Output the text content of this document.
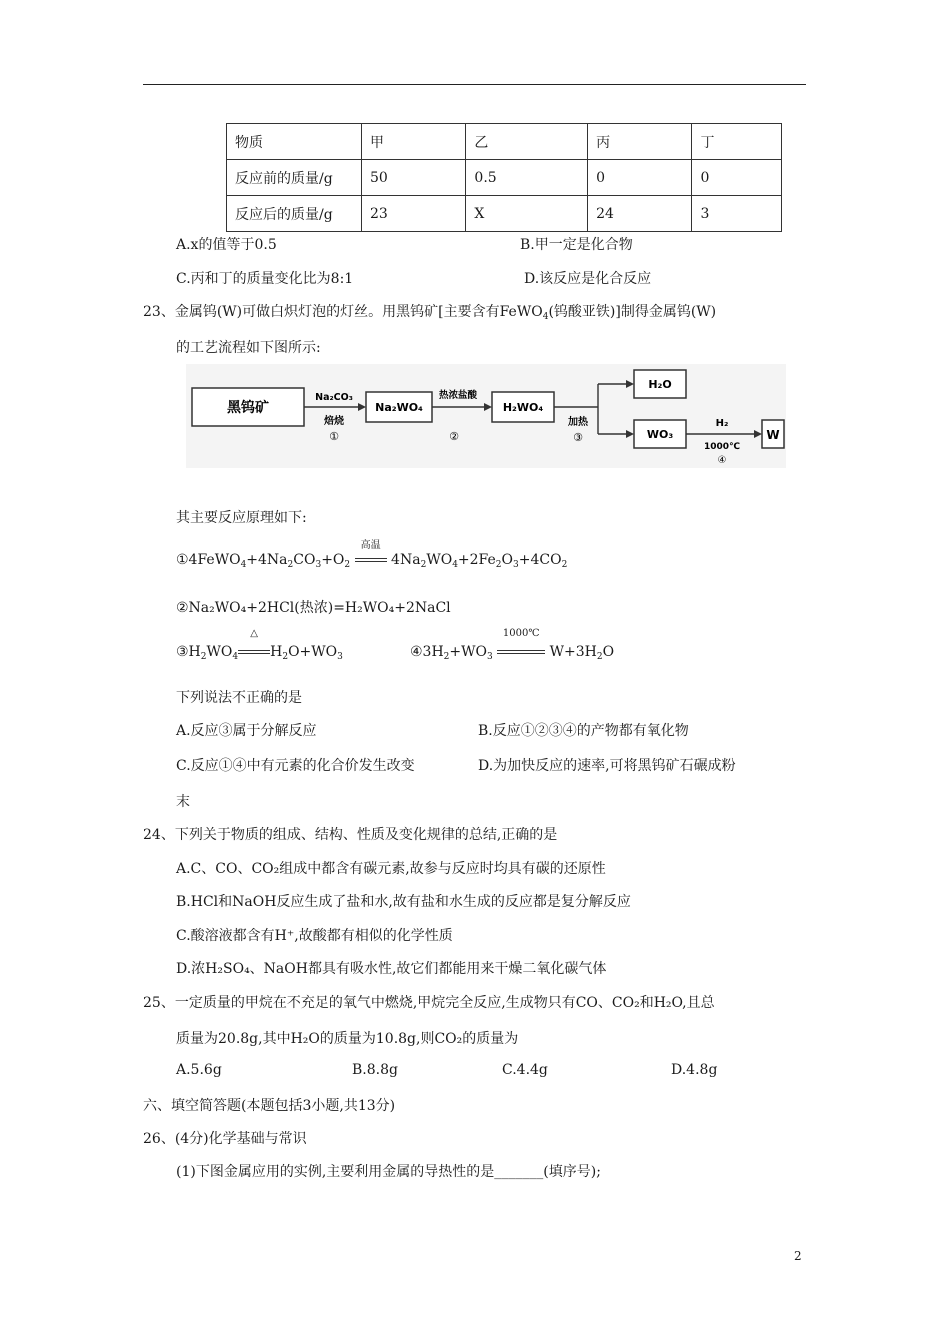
物质	甲	乙	丙	丁
反应前的质量/g	50	0.5	0	0
反应后的质量/g	23	X	24	3
A.x的值等于0.5	B.甲一定是化合物
C.丙和丁的质量变化比为8:1	D.该反应是化合反应
23、金属钨(W)可做白炽灯泡的灯丝。用黑钨矿[主要含有FeWO$_4$(钨酸亚铁)]制得金属钨(W)
的工艺流程如下图所示:
黑钨矿
Na₂CO₃
焙烧
①
Na₂WO₄
热浓盐酸
②
H₂WO₄
加热
③
H₂O
WO₃
H₂
1000℃
④
W
其主要反应原理如下:
$①4FeWO_4+4Na_2CO_3+O_2$
高温
$4Na_2WO_4+2Fe_2O_3+4CO_2$
②Na₂WO₄+2HCl(热浓)=H₂WO₄+2NaCl
$③H_2WO_4$
△
$H_2O+WO_3$	$④3H_2+WO_3$
1000℃
$W+3H_2O$
下列说法不正确的是
A.反应③属于分解反应	B.反应①②③④的产物都有氧化物
C.反应①④中有元素的化合价发生改变	D.为加快反应的速率,可将黑钨矿石碾成粉
末
24、下列关于物质的组成、结构、性质及变化规律的总结,正确的是
A.C、CO、CO₂组成中都含有碳元素,故参与反应时均具有碳的还原性
B.HCl和NaOH反应生成了盐和水,故有盐和水生成的反应都是复分解反应
C.酸溶液都含有H⁺,故酸都有相似的化学性质
D.浓H₂SO₄、NaOH都具有吸水性,故它们都能用来干燥二氧化碳气体
25、一定质量的甲烷在不充足的氧气中燃烧,甲烷完全反应,生成物只有CO、CO₂和H₂O,且总
质量为20.8g,其中H₂O的质量为10.8g,则CO₂的质量为
A.5.6g	B.8.8g	C.4.4g	D.4.8g
六、填空简答题(本题包括3小题,共13分)
26、(4分)化学基础与常识
(1)下图金属应用的实例,主要利用金属的导热性的是_______(填序号);
2
